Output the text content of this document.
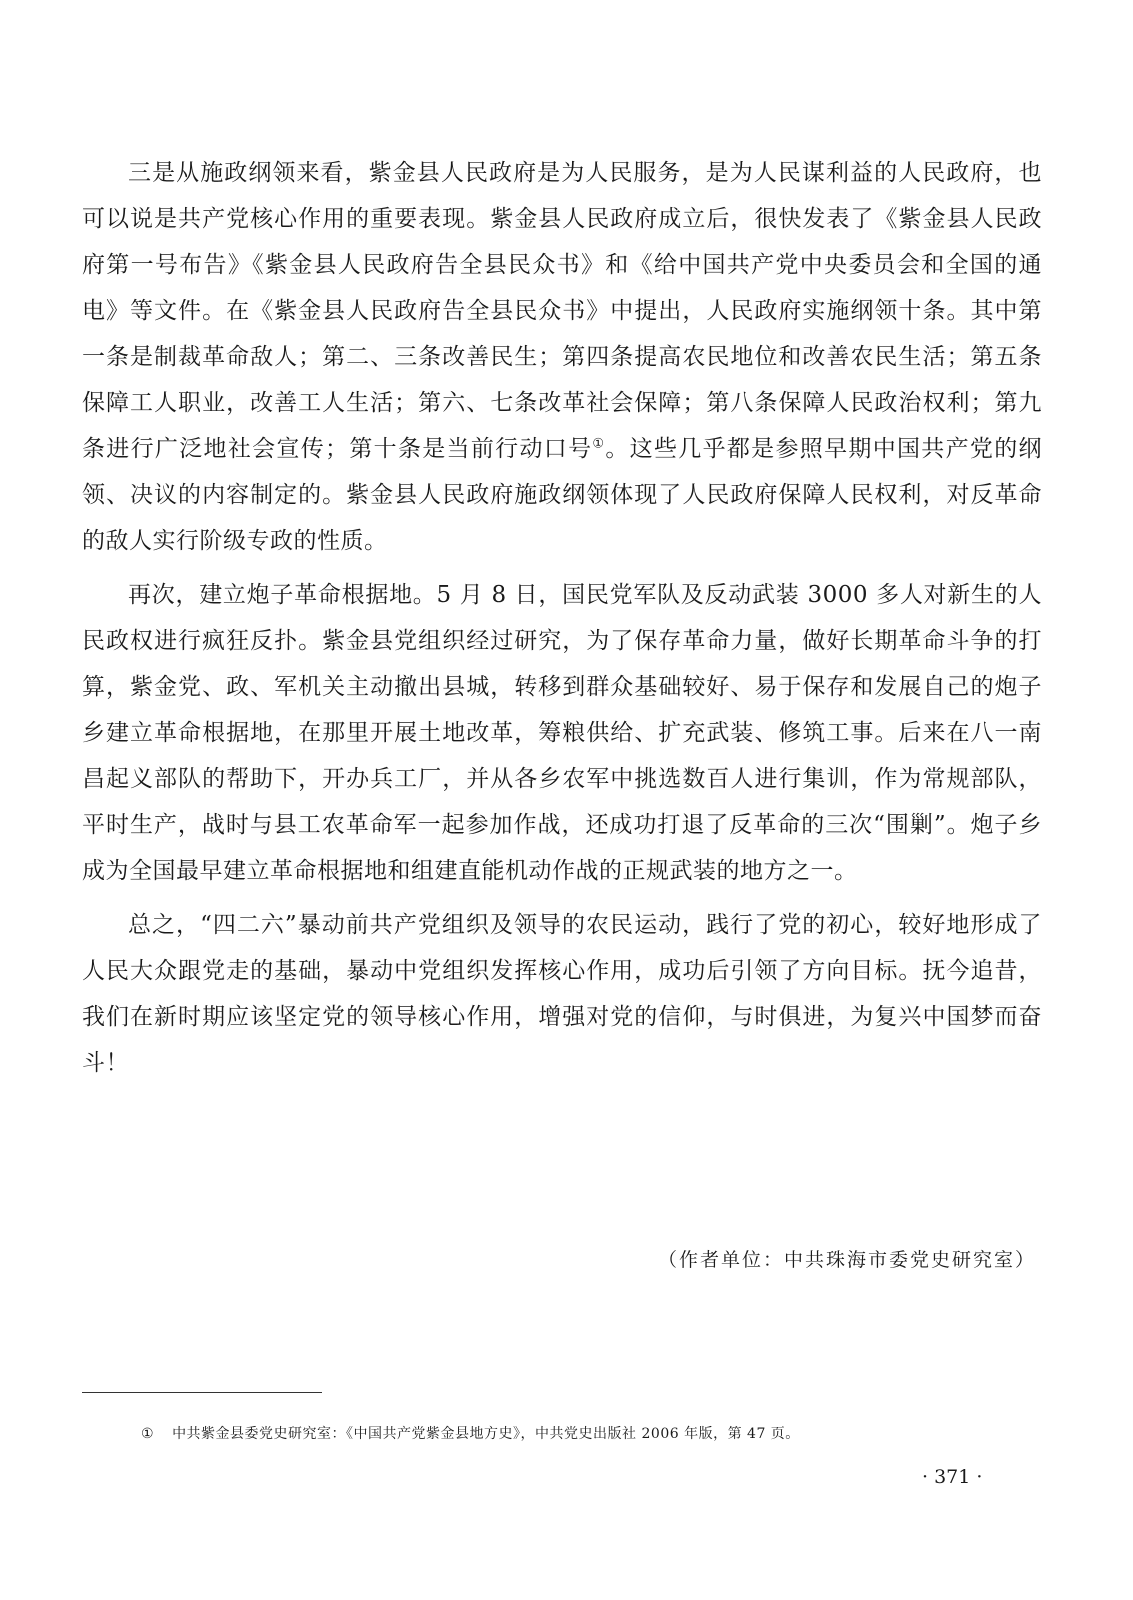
三是从施政纲领来看，紫金县人民政府是为人民服务，是为人民谋利益的人民政府，也可以说是共产党核心作用的重要表现。紫金县人民政府成立后，很快发表了《紫金县人民政府第一号布告》《紫金县人民政府告全县民众书》和《给中国共产党中央委员会和全国的通电》等文件。在《紫金县人民政府告全县民众书》中提出，人民政府实施纲领十条。其中第一条是制裁革命敌人；第二、三条改善民生；第四条提高农民地位和改善农民生活；第五条保障工人职业，改善工人生活；第六、七条改革社会保障；第八条保障人民政治权利；第九条进行广泛地社会宣传；第十条是当前行动口号①。这些几乎都是参照早期中国共产党的纲领、决议的内容制定的。紫金县人民政府施政纲领体现了人民政府保障人民权利，对反革命的敌人实行阶级专政的性质。

再次，建立炮子革命根据地。5 月 8 日，国民党军队及反动武装 3000 多人对新生的人民政权进行疯狂反扑。紫金县党组织经过研究，为了保存革命力量，做好长期革命斗争的打算，紫金党、政、军机关主动撤出县城，转移到群众基础较好、易于保存和发展自己的炮子乡建立革命根据地，在那里开展土地改革，筹粮供给、扩充武装、修筑工事。后来在八一南昌起义部队的帮助下，开办兵工厂，并从各乡农军中挑选数百人进行集训，作为常规部队，平时生产，战时与县工农革命军一起参加作战，还成功打退了反革命的三次“围剿”。炮子乡成为全国最早建立革命根据地和组建直能机动作战的正规武装的地方之一。

总之，“四二六”暴动前共产党组织及领导的农民运动，践行了党的初心，较好地形成了人民大众跟党走的基础，暴动中党组织发挥核心作用，成功后引领了方向目标。抚今追昔，我们在新时期应该坚定党的领导核心作用，增强对党的信仰，与时俱进，为复兴中国梦而奋斗！

（作者单位：中共珠海市委党史研究室）
① 中共紫金县委党史研究室：《中国共产党紫金县地方史》，中共党史出版社 2006 年版，第 47 页。
· 371 ·
